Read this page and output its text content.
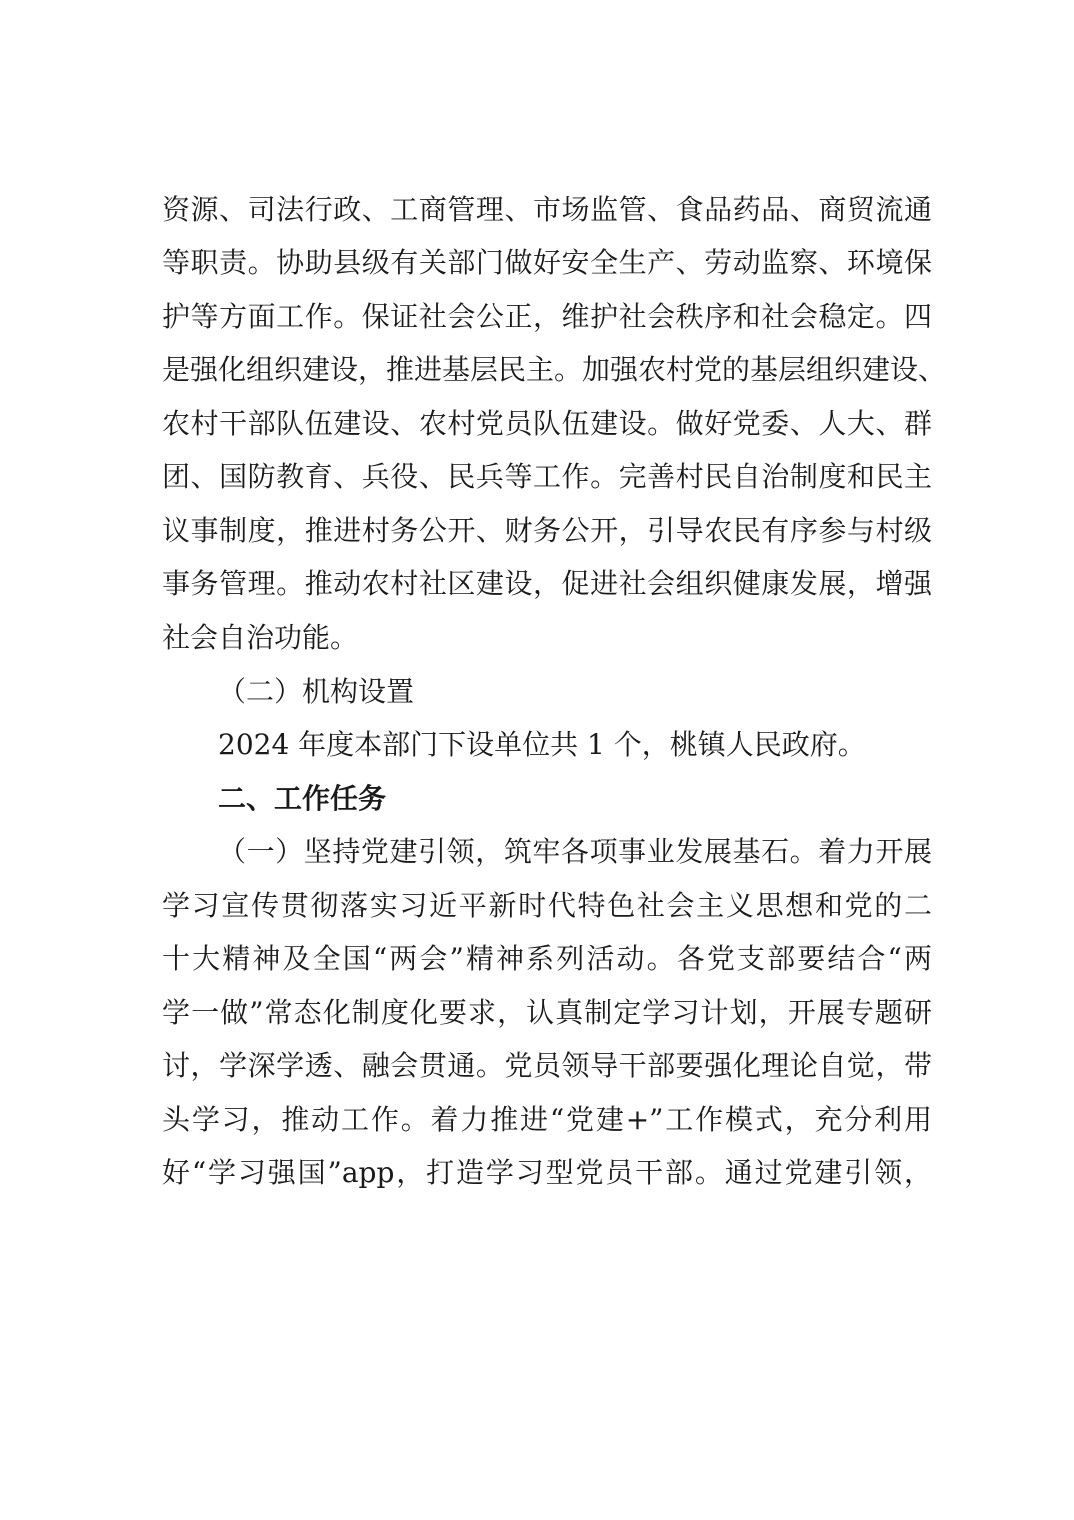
资源、司法行政、工商管理、市场监管、食品药品、商贸流通
等职责。协助县级有关部门做好安全生产、劳动监察、环境保
护等方面工作。保证社会公正，维护社会秩序和社会稳定。四
是强化组织建设，推进基层民主。加强农村党的基层组织建设、
农村干部队伍建设、农村党员队伍建设。做好党委、人大、群
团、国防教育、兵役、民兵等工作。完善村民自治制度和民主
议事制度，推进村务公开、财务公开，引导农民有序参与村级
事务管理。推动农村社区建设，促进社会组织健康发展，增强
社会自治功能。
（二）机构设置
2024 年度本部门下设单位共 1 个，桃镇人民政府。
二、工作任务
（一）坚持党建引领，筑牢各项事业发展基石。着力开展
学习宣传贯彻落实习近平新时代特色社会主义思想和党的二
十大精神及全国“两会”精神系列活动。各党支部要结合“两
学一做”常态化制度化要求，认真制定学习计划，开展专题研
讨，学深学透、融会贯通。党员领导干部要强化理论自觉，带
头学习，推动工作。着力推进“党建+”工作模式，充分利用
好“学习强国”app，打造学习型党员干部。通过党建引领，
